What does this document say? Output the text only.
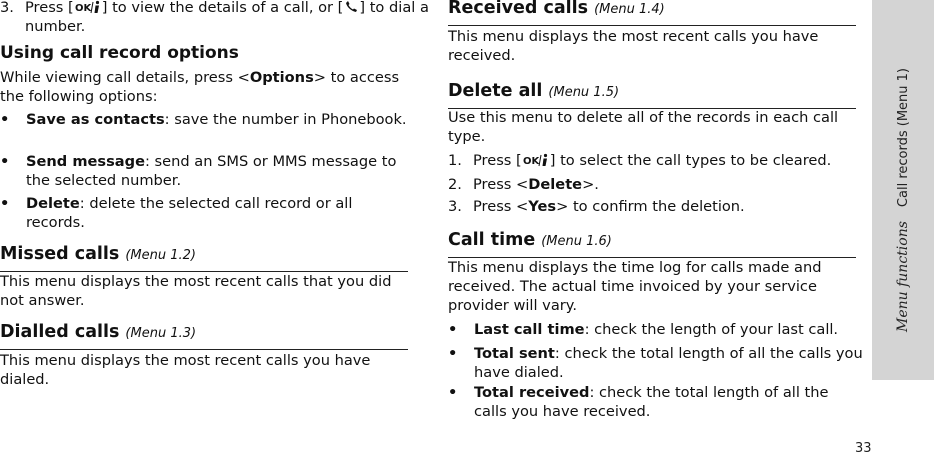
3. Press [ OK ] to view the details of a call, or [ ] to dial a number.
Using call record options
While viewing call details, press <Options> to access the following options:
• Save as contacts: save the number in Phonebook.
• Send message: send an SMS or MMS message to the selected number.
• Delete: delete the selected call record or all records.
Missed calls (Menu 1.2)
This menu displays the most recent calls that you did not answer.
Dialled calls (Menu 1.3)
This menu displays the most recent calls you have dialed.
Received calls (Menu 1.4)
This menu displays the most recent calls you have received.
Delete all (Menu 1.5)
Use this menu to delete all of the records in each call type.
1. Press [ OK ] to select the call types to be cleared.
2. Press <Delete>.
3. Press <Yes> to confirm the deletion.
Call time (Menu 1.6)
This menu displays the time log for calls made and received. The actual time invoiced by your service provider will vary.
• Last call time: check the length of your last call.
• Total sent: check the total length of all the calls you have dialed.
• Total received: check the total length of all the calls you have received.
Menu functionsCall records (Menu 1)
33
